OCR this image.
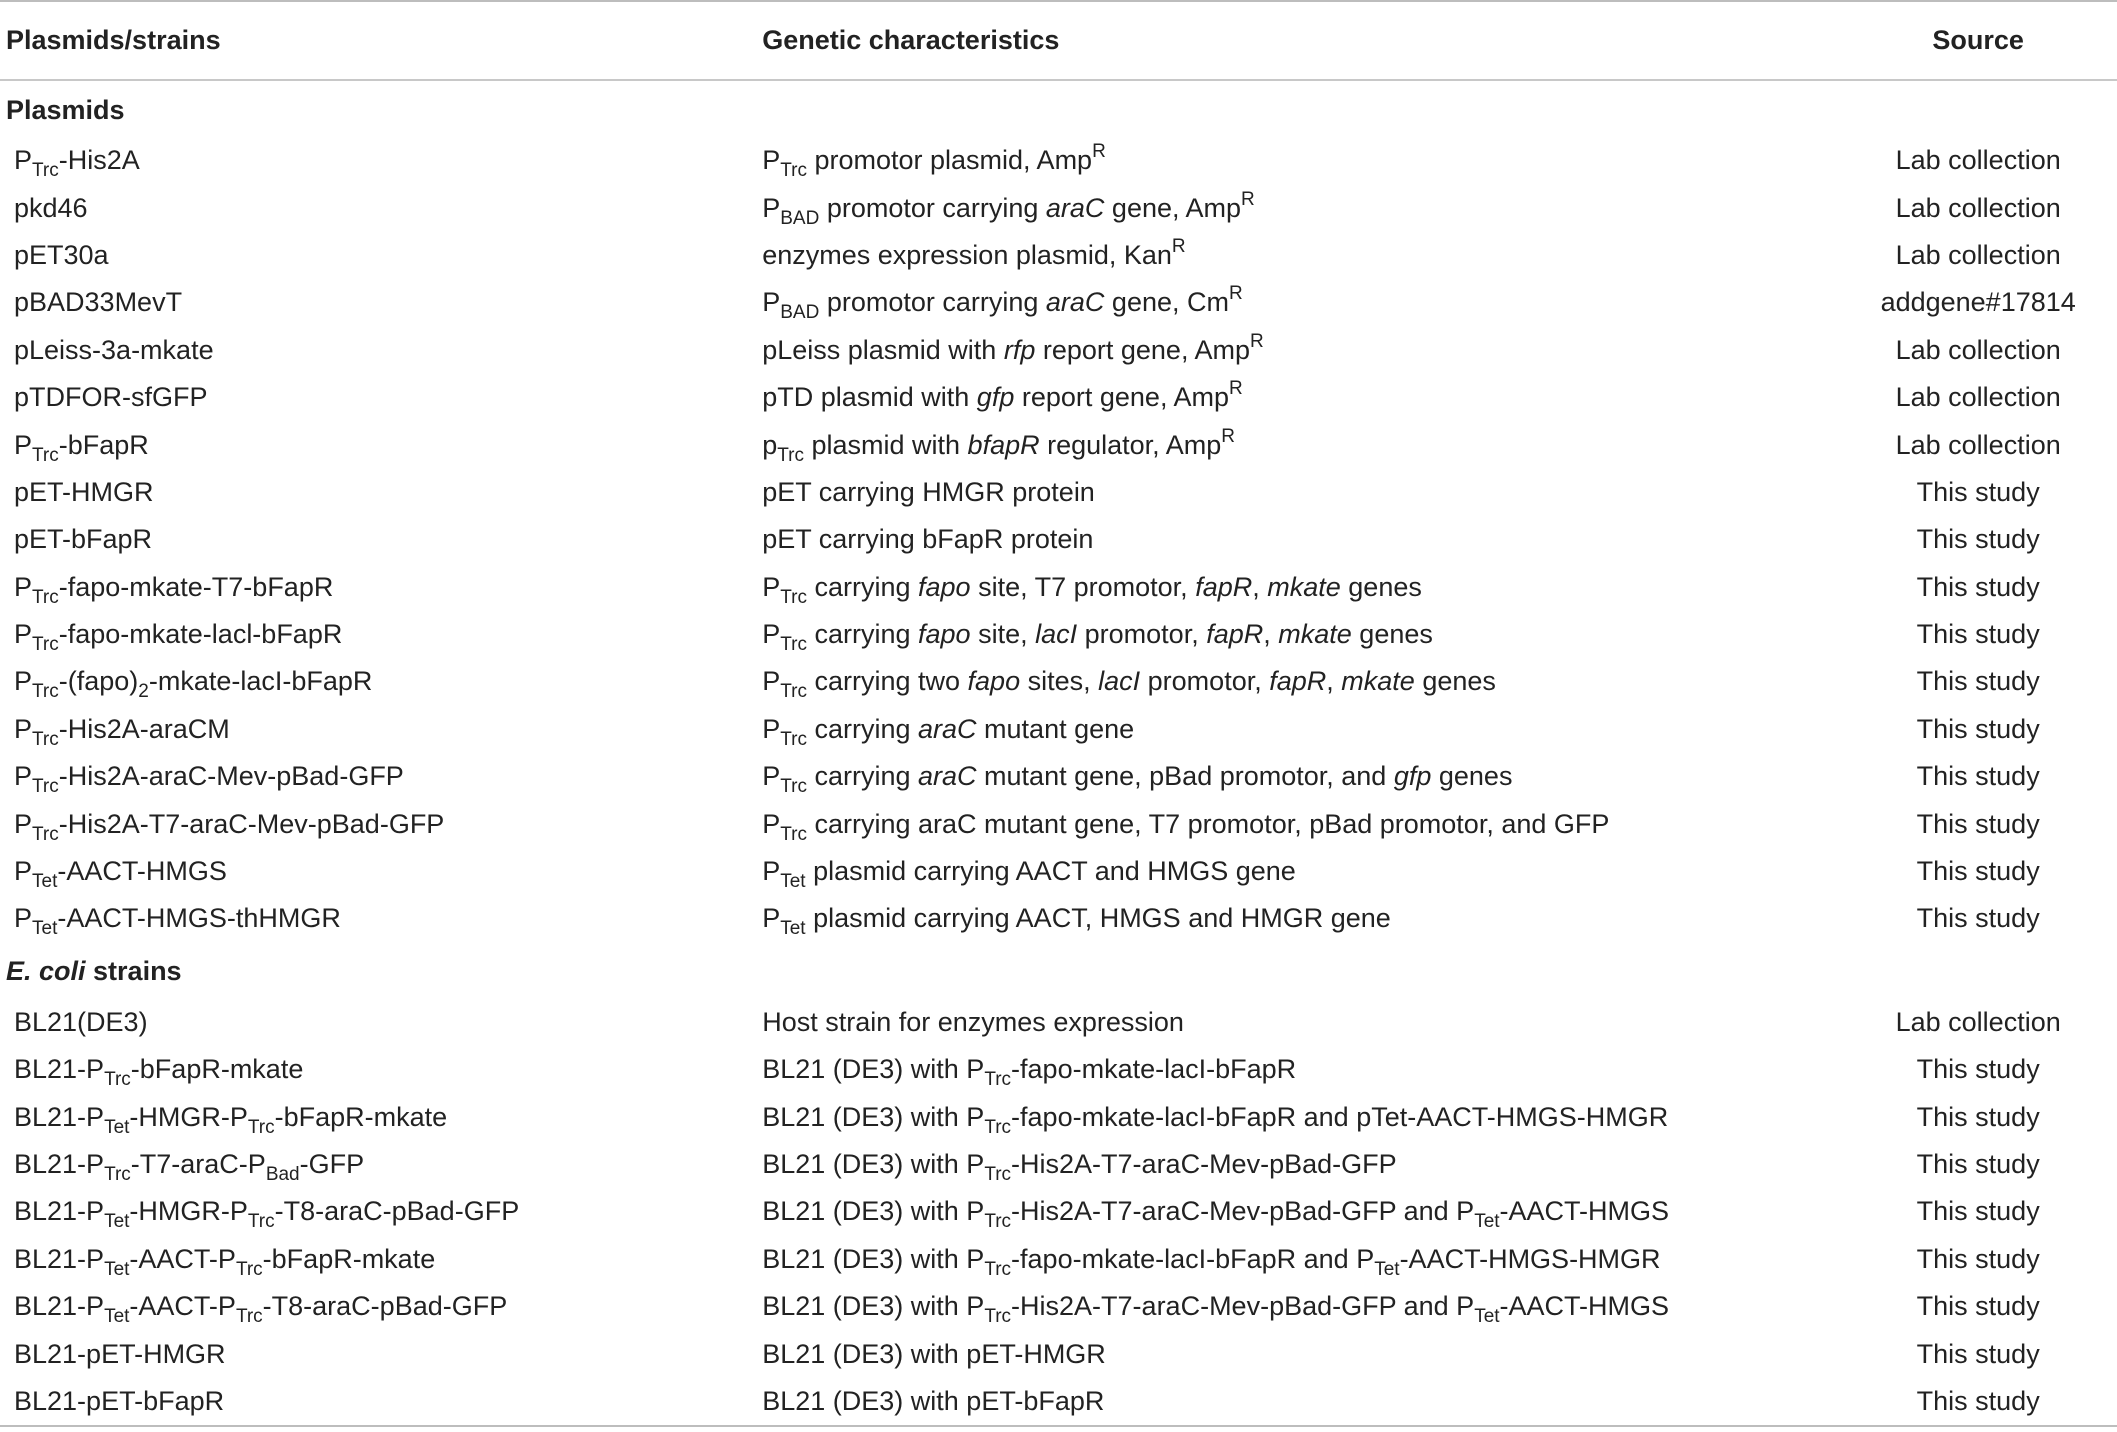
Plasmids/strains	Genetic characteristics	Source
Plasmids		
$P_{Trc}-His2A$	$P_{Trc}$ promotor plasmid, Amp$^R$	Lab collection
pkd46	$P_{BAD}$ promotor carrying araC gene, Amp$^R$	Lab collection
pET30a	enzymes expression plasmid, Kan$^R$	Lab collection
pBAD33MevT	$P_{BAD}$ promotor carrying araC gene, $Cm^R$	addgene#17814
pLeiss-3a-mkate	pLeiss plasmid with rfp report gene, Amp$^R$	Lab collection
pTDFOR-sfGFP	pTD plasmid with gfp report gene, Amp$^R$	Lab collection
$P_{Trc}$-bFapR	$p_{Trc}$ plasmid with bfapR regulator, Amp$^R$	Lab collection
pET-HMGR	pET carrying HMGR protein	This study
pET-bFapR	pET carrying bFapR protein	This study
$P_{Trc}-fapo-mkate-T7$-bFapR	$P_{Trc}$ carrying fapo site, T7 promotor, fapR, mkate genes	This study
$P_{Trc}-fapo-mkate-lacl$-bFapR	$P_{Trc}$ carrying fapo site, lacI promotor, fapR, mkate genes	This study
$P_{Trc}-(fapo)_2-mkate-lacI$-bFapR	$P_{Trc}$ carrying two fapo sites, lacI promotor, fapR, mkate genes	This study
$P_{Trc}-His2A$-araCM	$P_{Trc}$ carrying araC mutant gene	This study
$P_{Trc}-His2A-araC-Mev-pBad$-GFP	$P_{Trc}$ carrying araC mutant gene, pBad promotor, and gfp genes	This study
$P_{Trc}-His2A-T7-araC-Mev-pBad$-GFP	$P_{Trc}$ carrying araC mutant gene, T7 promotor, pBad promotor, and GFP	This study
$P_{Tet}-AACT$-HMGS	$P_{Tet}$ plasmid carrying AACT and HMGS gene	This study
$P_{Tet}-AACT-HMGS$-thHMGR	$P_{Tet}$ plasmid carrying AACT, HMGS and HMGR gene	This study
E. coli strains		
BL21(DE3)	Host strain for enzymes expression	Lab collection
$BL21-P_{Trc}-bFapR$-mkate	BL21 (DE3) with $P_{Trc}-fapo-mkate-lacI$-bFapR	This study
$BL21-P_{Tet}-HMGR-P_{Trc}-bFapR$-mkate	BL21 (DE3) with $P_{Trc}-fapo-mkate-lacI$-bFapR and pTet-AACT-HMGS-HMGR	This study
$BL21-P_{Trc}-T7-araC-P_{Bad}$-GFP	BL21 (DE3) with $P_{Trc}-His2A-T7-araC-Mev-pBad$-GFP	This study
$BL21-P_{Tet}-HMGR-P_{Trc}-T8-araC-pBad$-GFP	BL21 (DE3) with $P_{Trc}-His2A-T7-araC-Mev-pBad$-GFP and $P_{Tet}-AACT$-HMGS	This study
$BL21-P_{Tet}-AACT-P_{Trc}-bFapR$-mkate	BL21 (DE3) with $P_{Trc}-fapo-mkate-lacI$-bFapR and $P_{Tet}-AACT-HMGS$-HMGR	This study
$BL21-P_{Tet}-AACT-P_{Trc}-T8-araC-pBad$-GFP	BL21 (DE3) with $P_{Trc}-His2A-T7-araC-Mev-pBad$-GFP and $P_{Tet}-AACT$-HMGS	This study
BL21-pET-HMGR	BL21 (DE3) with pET-HMGR	This study
BL21-pET-bFapR	BL21 (DE3) with pET-bFapR	This study
